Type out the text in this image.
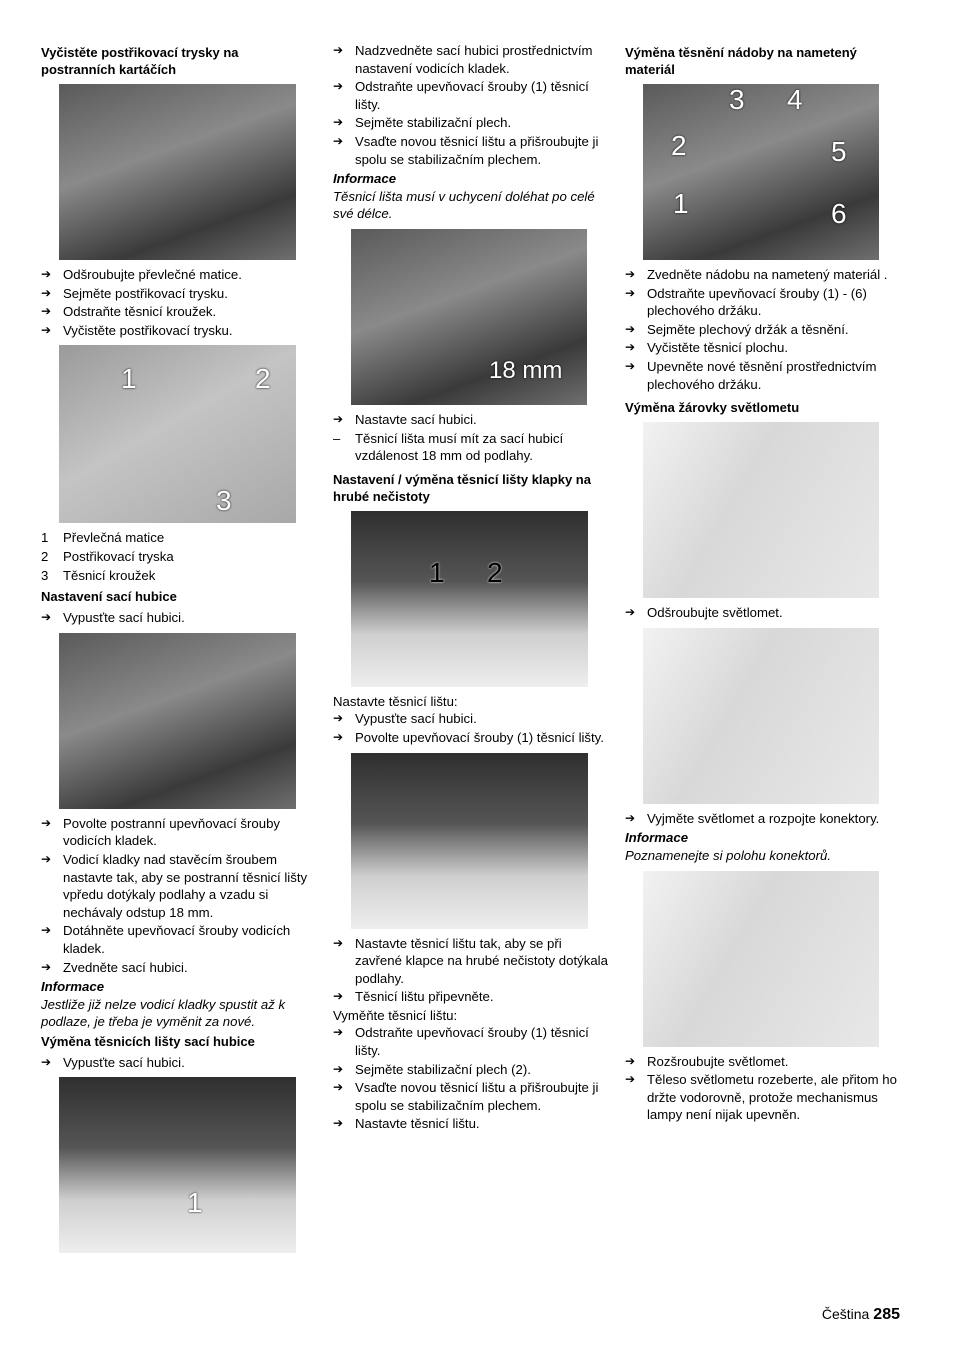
Vyčistěte postřikovací trysky na postranních kartáčích
➔ Odšroubujte převlečné matice.
➔ Sejměte postřikovací trysku.
➔ Odstraňte těsnicí kroužek.
➔ Vyčistěte postřikovací trysku.
1	2
3
1 Převlečná matice
2 Postřikovací tryska
3 Těsnicí kroužek
Nastavení sací hubice
➔ Vypusťte sací hubici.
➔ Povolte postranní upevňovací šrouby vodicích kladek.
➔ Vodicí kladky nad stavěcím šroubem nastavte tak, aby se postranní těsnicí lišty vpředu dotýkaly podlahy a vzadu si nechávaly odstup 18 mm.
➔ Dotáhněte upevňovací šrouby vodicích kladek.
➔ Zvedněte sací hubici.
Informace
Jestliže již nelze vodicí kladky spustit až k podlaze, je třeba je vyměnit za nové.
Výměna těsnicích lišty sací hubice
➔ Vypusťte sací hubici.
1
➔ Nadzvedněte sací hubici prostřednictvím nastavení vodicích kladek.
➔ Odstraňte upevňovací šrouby (1) těsnicí lišty.
➔ Sejměte stabilizační plech.
➔ Vsaďte novou těsnicí lištu a přišroubujte ji spolu se stabilizačním plechem.
Informace
Těsnicí lišta musí v uchycení doléhat po celé své délce.
18 mm
➔ Nastavte sací hubici.
– Těsnicí lišta musí mít za sací hubicí vzdálenost 18 mm od podlahy.
Nastavení / výměna těsnicí lišty klapky na hrubé nečistoty
1 2

Nastavte těsnicí lištu:

➔ Vypusťte sací hubici.
➔ Povolte upevňovací šrouby (1) těsnicí lišty.
➔ Nastavte těsnicí lištu tak, aby se při zavřené klapce na hrubé nečistoty dotýkala podlahy.
➔ Těsnicí lištu připevněte.

Vyměňte těsnicí lištu:

➔ Odstraňte upevňovací šrouby (1) těsnicí lišty.
➔ Sejměte stabilizační plech (2).
➔ Vsaďte novou těsnicí lištu a přišroubujte ji spolu se stabilizačním plechem.
➔ Nastavte těsnicí lištu.
Výměna těsnění nádoby na nametený materiál
3 4
2	5
1	6
➔ Zvedněte nádobu na nametený materiál .
➔ Odstraňte upevňovací šrouby (1) - (6) plechového držáku.
➔ Sejměte plechový držák a těsnění.
➔ Vyčistěte těsnicí plochu.
➔ Upevněte nové těsnění prostřednictvím plechového držáku.
Výměna žárovky světlometu
➔ Odšroubujte světlomet.
➔ Vyjměte světlomet a rozpojte konektory.
Informace
Poznamenejte si polohu konektorů.
➔ Rozšroubujte světlomet.
➔ Těleso světlometu rozeberte, ale přitom ho držte vodorovně, protože mechanismus lampy není nijak upevněn.
Čeština 285
